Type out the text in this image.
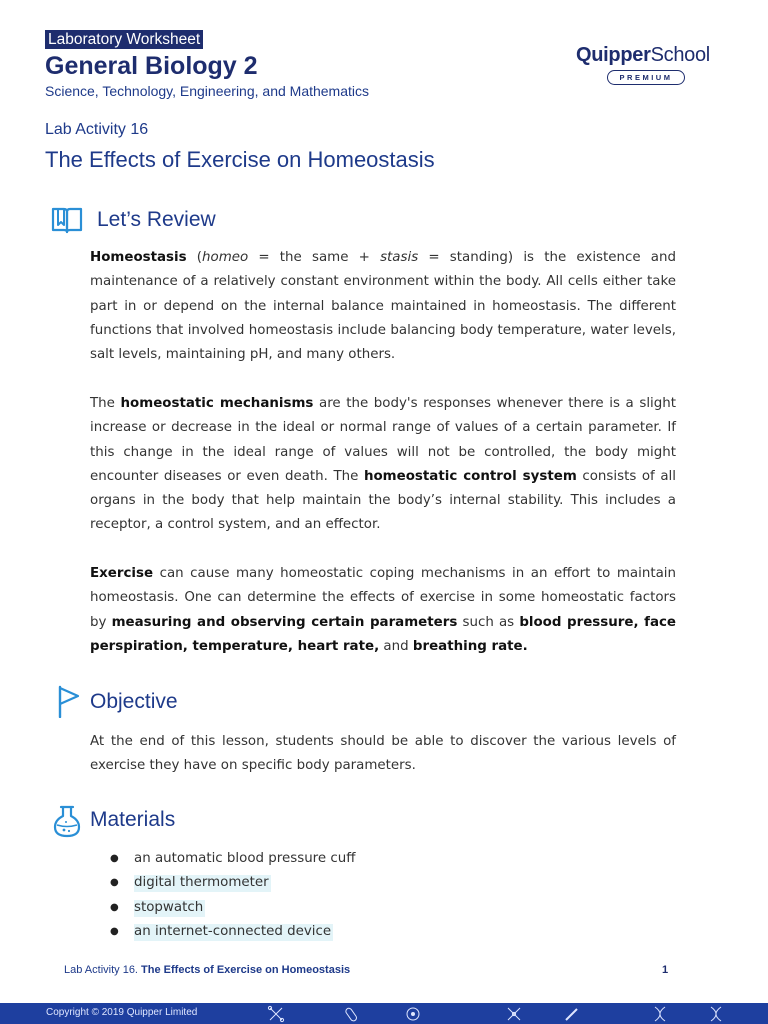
Laboratory Worksheet
General Biology 2
Science, Technology, Engineering, and Mathematics
QuipperSchool
PREMIUM
Lab Activity 16
The Effects of Exercise on Homeostasis
Let’s Review
Homeostasis (homeo = the same + stasis = standing) is the existence and maintenance of a relatively constant environment within the body. All cells either take part in or depend on the internal balance maintained in homeostasis. The different functions that involved homeostasis include balancing body temperature, water levels, salt levels, maintaining pH, and many others.
The homeostatic mechanisms are the body's responses whenever there is a slight increase or decrease in the ideal or normal range of values of a certain parameter. If this change in the ideal range of values will not be controlled, the body might encounter diseases or even death. The homeostatic control system consists of all organs in the body that help maintain the body’s internal stability. This includes a receptor, a control system, and an effector.
Exercise can cause many homeostatic coping mechanisms in an effort to maintain homeostasis. One can determine the effects of exercise in some homeostatic factors by measuring and observing certain parameters such as blood pressure, face perspiration, temperature, heart rate, and breathing rate.
Objective
At the end of this lesson, students should be able to discover the various levels of exercise they have on specific body parameters.
Materials
● an automatic blood pressure cuff
● digital thermometer
● stopwatch
● an internet-connected device
Lab Activity 16. The Effects of Exercise on Homeostasis	1
Copyright © 2019 Quipper Limited
